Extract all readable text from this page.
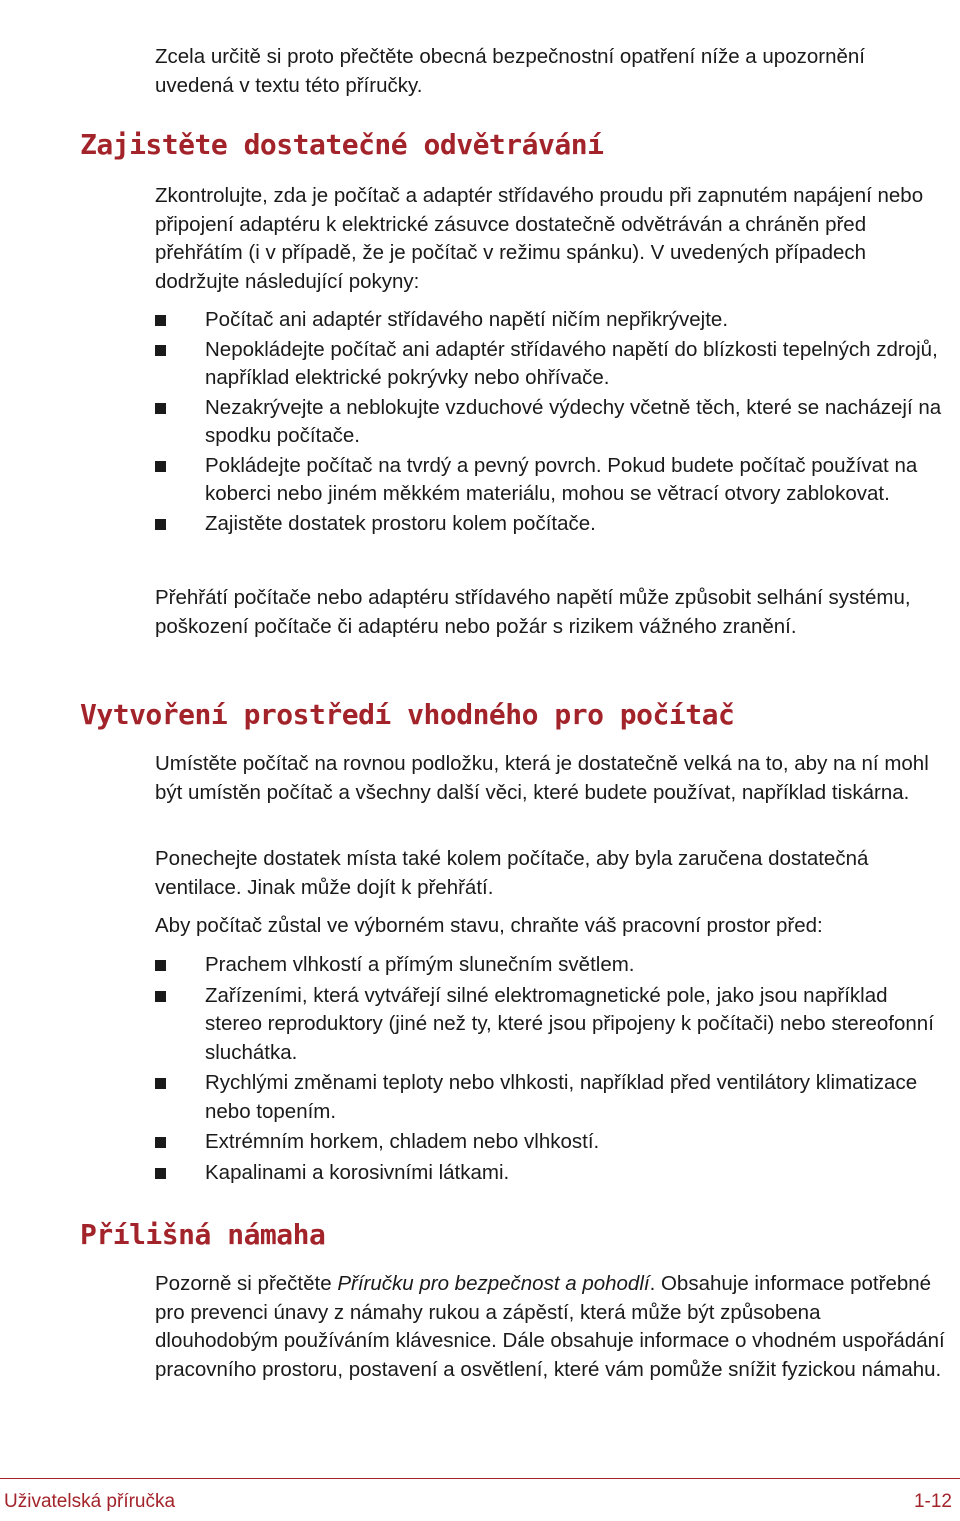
Zcela určitě si proto přečtěte obecná bezpečnostní opatření níže a upozornění uvedená v textu této příručky.

Zajistěte dostatečné odvětrávání

Zkontrolujte, zda je počítač a adaptér střídavého proudu při zapnutém napájení nebo připojení adaptéru k elektrické zásuvce dostatečně odvětráván a chráněn před přehřátím (i v případě, že je počítač v režimu spánku). V uvedených případech dodržujte následující pokyny:

Počítač ani adaptér střídavého napětí ničím nepřikrývejte.
Nepokládejte počítač ani adaptér střídavého napětí do blízkosti tepelných zdrojů, například elektrické pokrývky nebo ohřívače.
Nezakrývejte a neblokujte vzduchové výdechy včetně těch, které se nacházejí na spodku počítače.
Pokládejte počítač na tvrdý a pevný povrch. Pokud budete počítač používat na koberci nebo jiném měkkém materiálu, mohou se větrací otvory zablokovat.
Zajistěte dostatek prostoru kolem počítače.

Přehřátí počítače nebo adaptéru střídavého napětí může způsobit selhání systému, poškození počítače či adaptéru nebo požár s rizikem vážného zranění.

Vytvoření prostředí vhodného pro počítač

Umístěte počítač na rovnou podložku, která je dostatečně velká na to, aby na ní mohl být umístěn počítač a všechny další věci, které budete používat, například tiskárna.

Ponechejte dostatek místa také kolem počítače, aby byla zaručena dostatečná ventilace. Jinak může dojít k přehřátí.

Aby počítač zůstal ve výborném stavu, chraňte váš pracovní prostor před:

Prachem vlhkostí a přímým slunečním světlem.
Zařízeními, která vytvářejí silné elektromagnetické pole, jako jsou například stereo reproduktory (jiné než ty, které jsou připojeny k počítači) nebo stereofonní sluchátka.
Rychlými změnami teploty nebo vlhkosti, například před ventilátory klimatizace nebo topením.
Extrémním horkem, chladem nebo vlhkostí.
Kapalinami a korosivními látkami.
Přílišná námaha

Pozorně si přečtěte Příručku pro bezpečnost a pohodlí. Obsahuje informace potřebné pro prevenci únavy z námahy rukou a zápěstí, která může být způsobena dlouhodobým používáním klávesnice. Dále obsahuje informace o vhodném uspořádání pracovního prostoru, postavení a osvětlení, které vám pomůže snížit fyzickou námahu.

Uživatelská příručka	1-12
